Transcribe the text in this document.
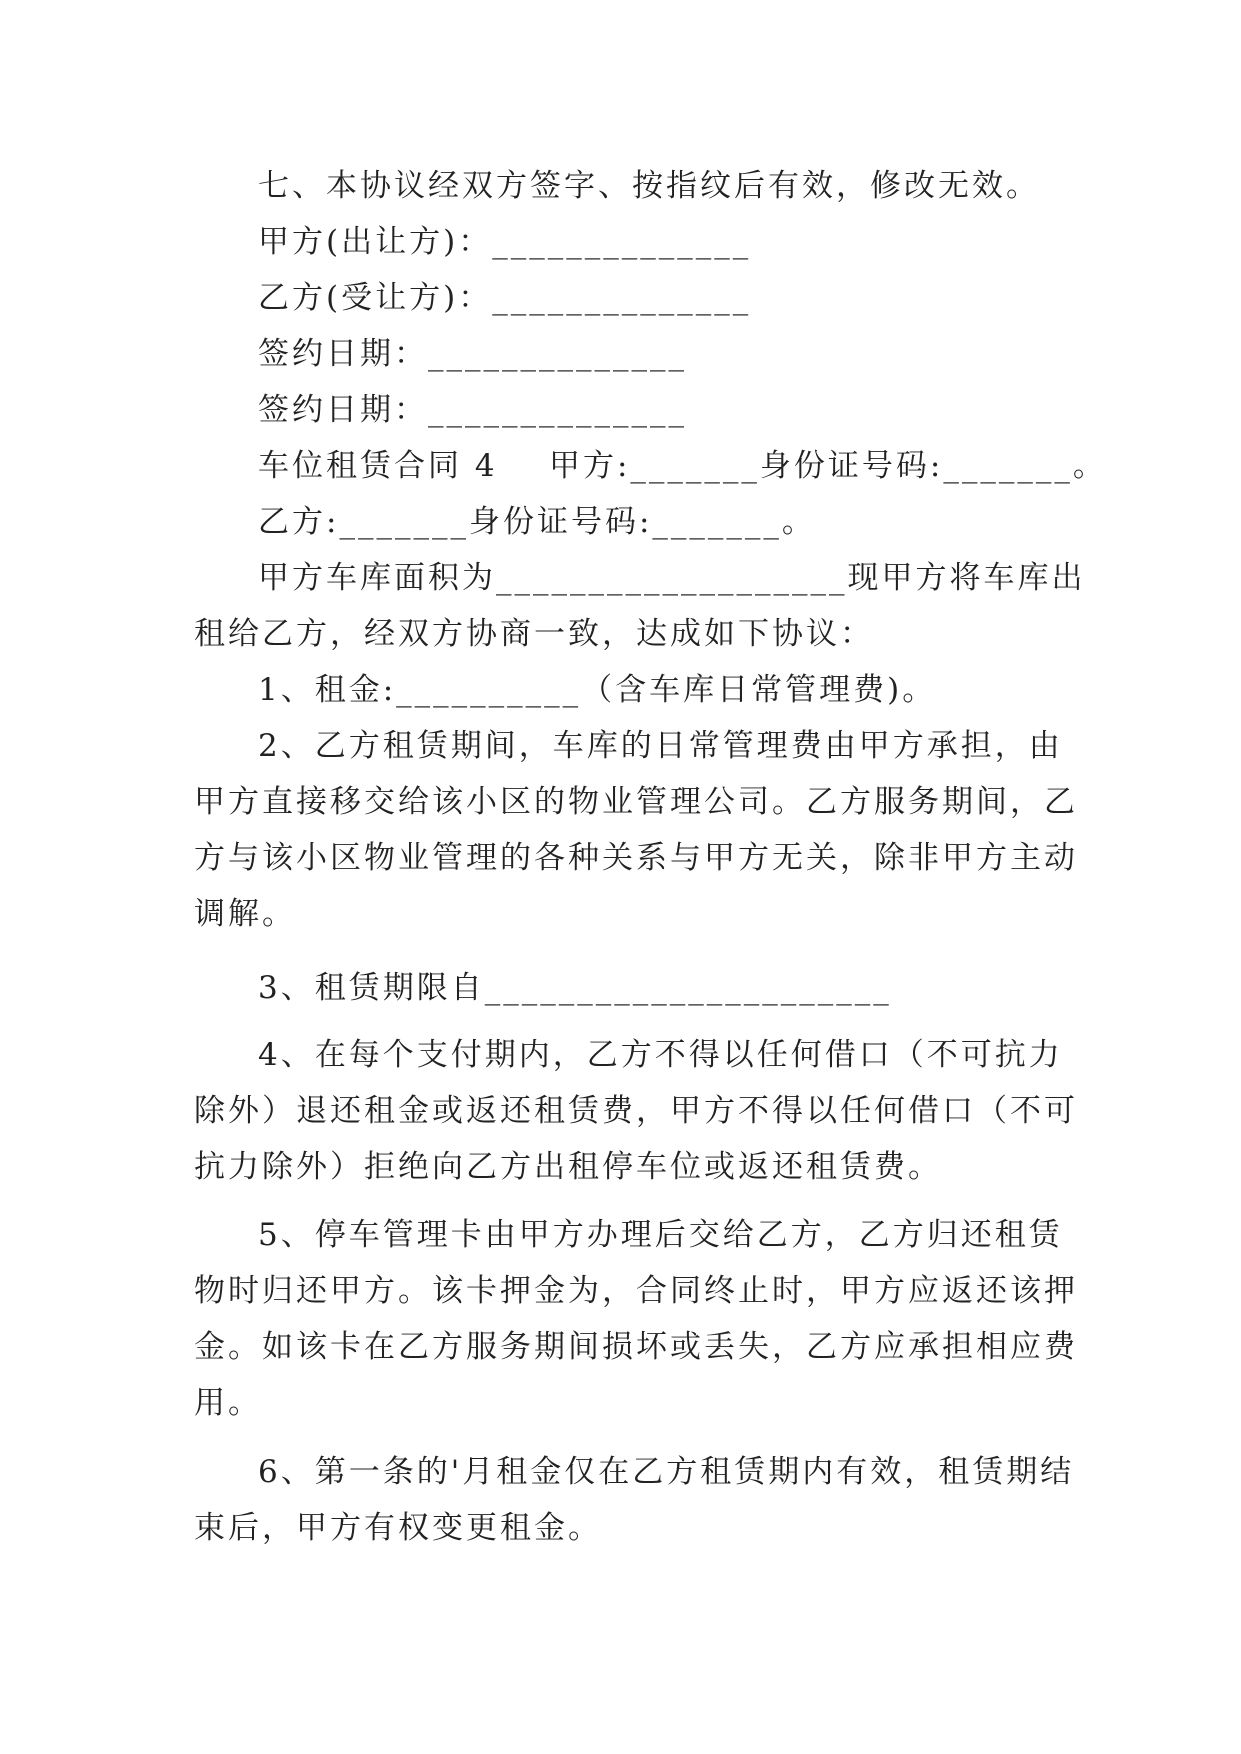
七、本协议经双方签字、按指纹后有效，修改无效。
甲方(出让方)：______________
乙方(受让方)：______________
签约日期：______________
签约日期：______________
车位租赁合同 4    甲方:_______身份证号码:_______。
乙方:_______身份证号码:_______。
甲方车库面积为___________________现甲方将车库出
租给乙方，经双方协商一致，达成如下协议：
1、租金:__________（含车库日常管理费)。
2、乙方租赁期间，车库的日常管理费由甲方承担，由
甲方直接移交给该小区的物业管理公司。乙方服务期间，乙
方与该小区物业管理的各种关系与甲方无关，除非甲方主动
调解。
3、租赁期限自______________________
4、在每个支付期内，乙方不得以任何借口（不可抗力
除外）退还租金或返还租赁费，甲方不得以任何借口（不可
抗力除外）拒绝向乙方出租停车位或返还租赁费。
5、停车管理卡由甲方办理后交给乙方，乙方归还租赁
物时归还甲方。该卡押金为，合同终止时，甲方应返还该押
金。如该卡在乙方服务期间损坏或丢失，乙方应承担相应费
用。
6、第一条的'月租金仅在乙方租赁期内有效，租赁期结
束后，甲方有权变更租金。
